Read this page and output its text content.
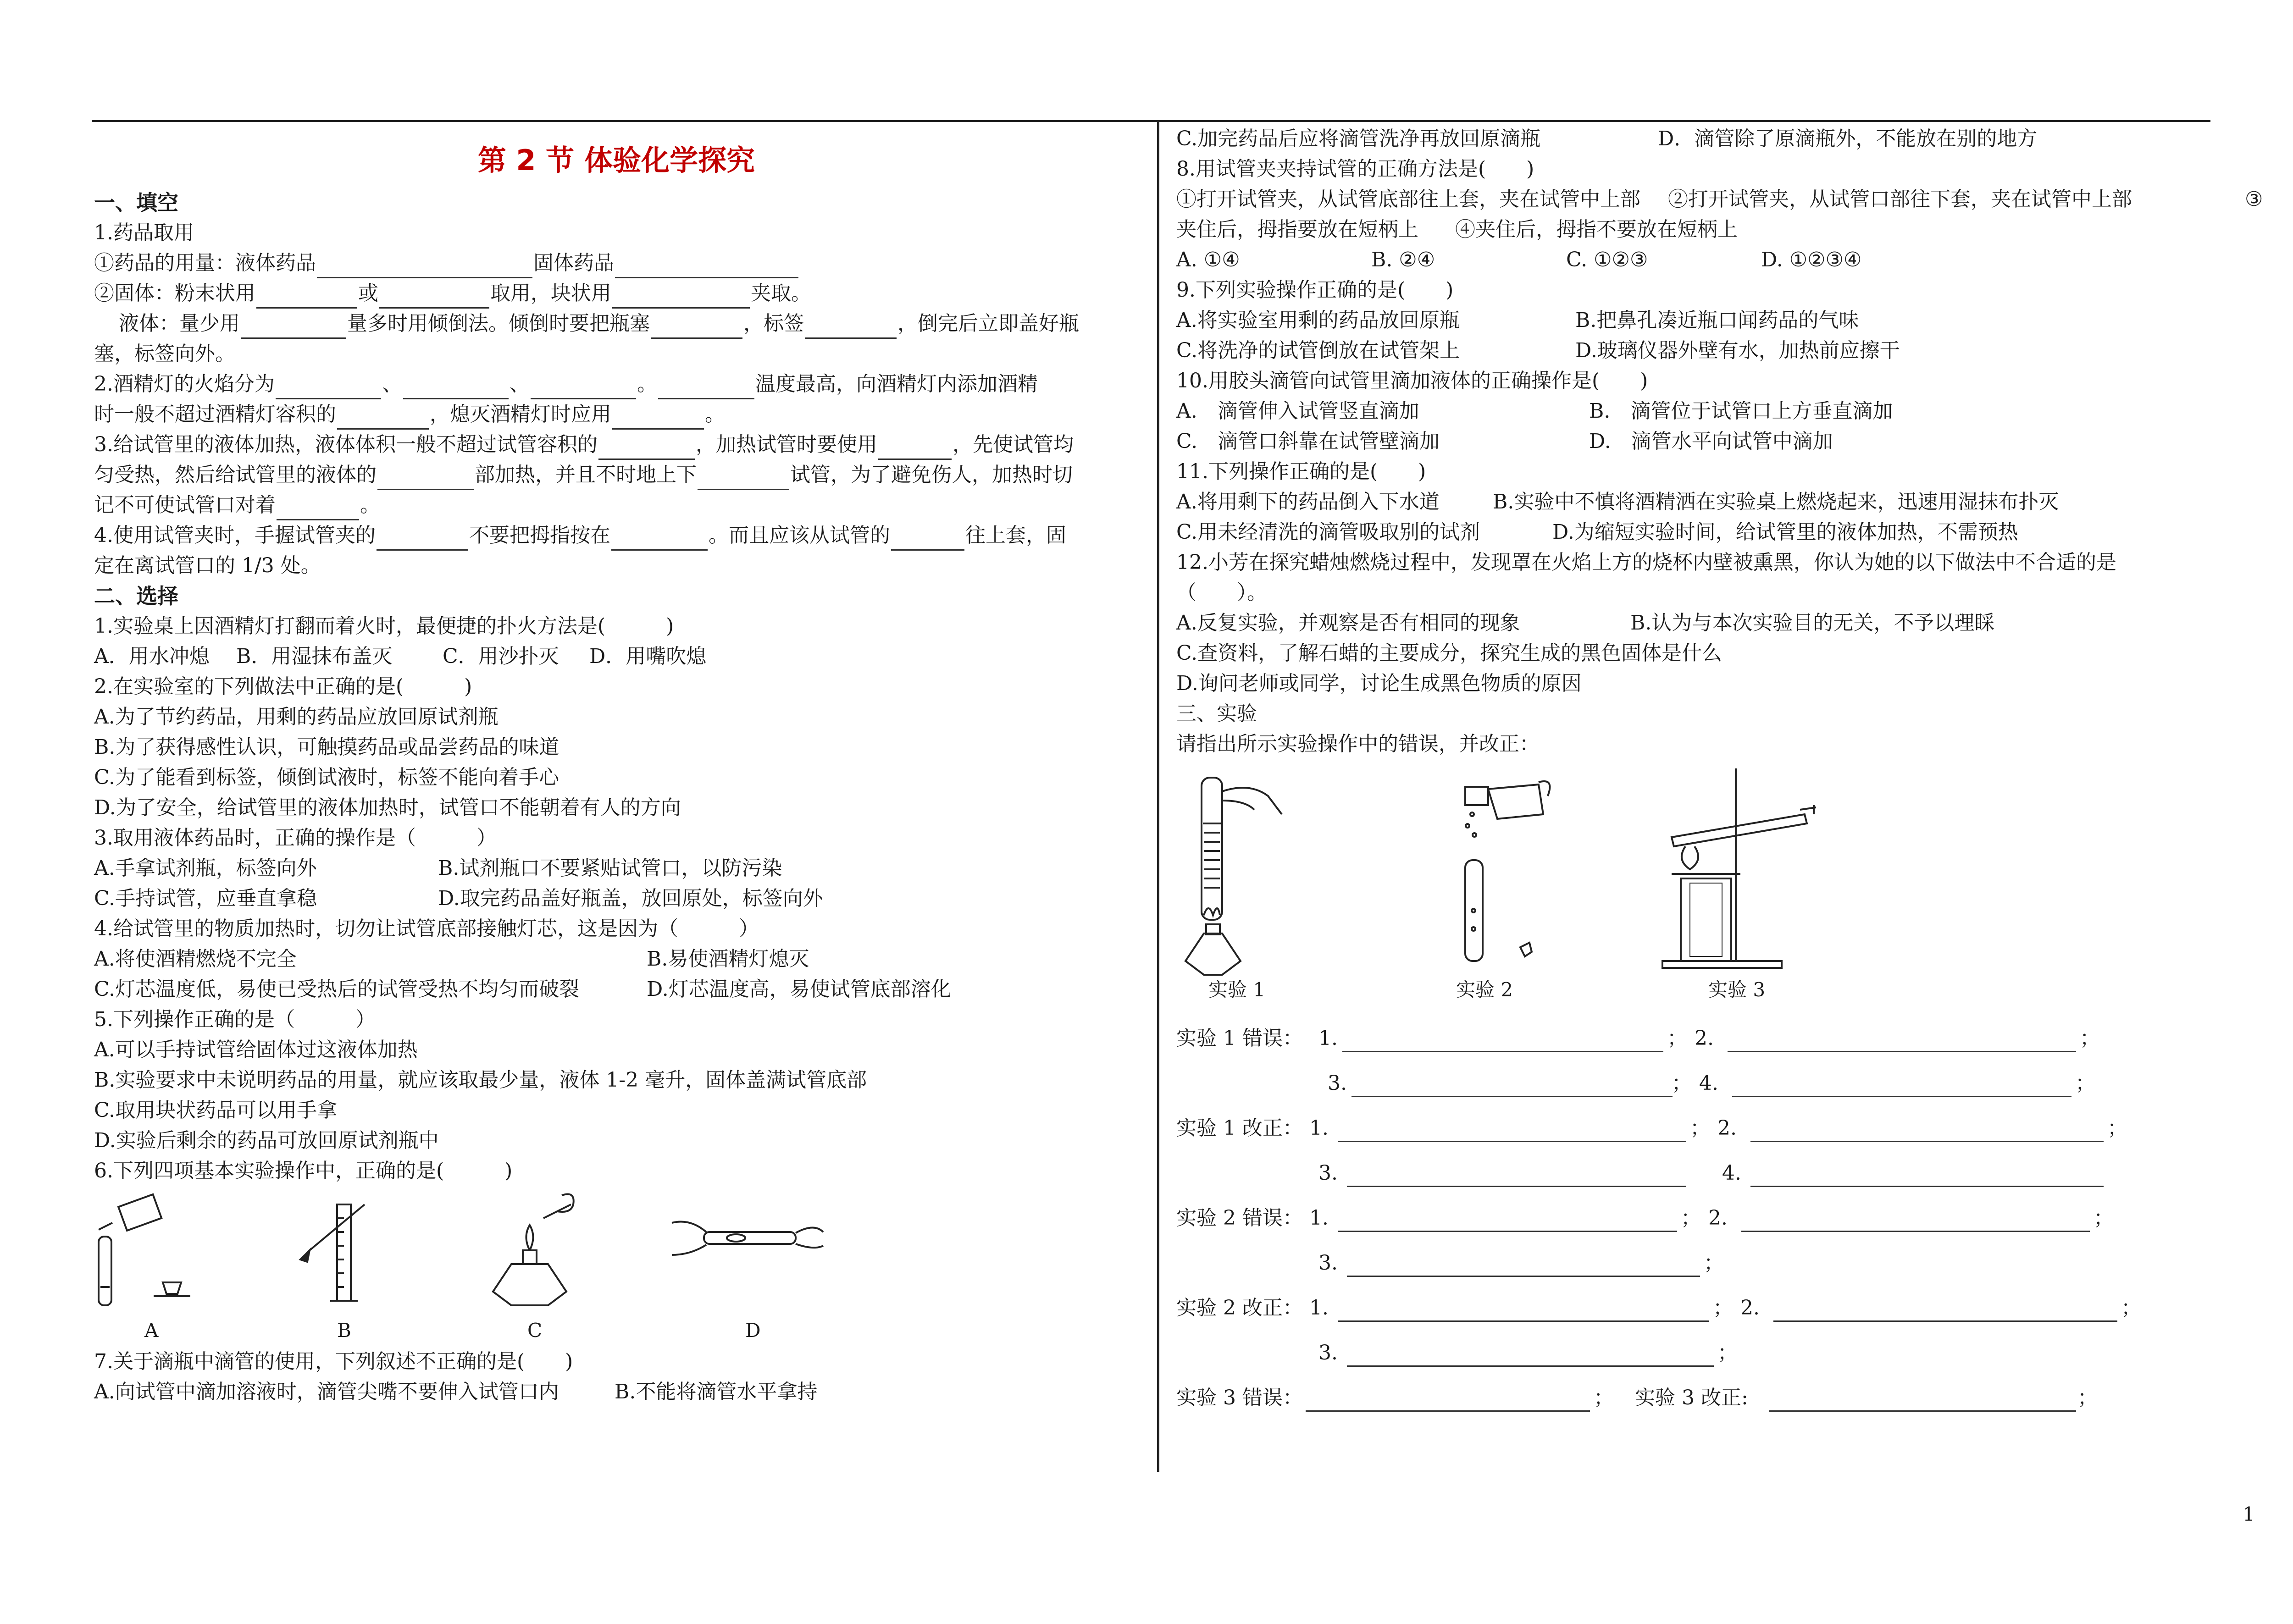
第 2 节 体验化学探究
一、填空
1.药品取用
①药品的用量：液体药品	固体药品
②固体：粉末状用	或	取用，块状用	夹取。
液体：量少用	量多时用倾倒法。倾倒时要把瓶塞	，标签	，倒完后立即盖好瓶
塞，标签向外。
2.酒精灯的火焰分为	、	、	。	温度最高，向酒精灯内添加酒精
时一般不超过酒精灯容积的	，熄灭酒精灯时应用	。
3.给试管里的液体加热，液体体积一般不超过试管容积的	，加热试管时要使用	，先使试管均
匀受热，然后给试管里的液体的	部加热，并且不时地上下	试管，为了避免伤人，加热时切
记不可使试管口对着	。
4.使用试管夹时，手握试管夹的	不要把拇指按在	。而且应该从试管的	往上套，固
定在离试管口的 1/3 处。
二、选择
1.实验桌上因酒精灯打翻而着火时，最便捷的扑火方法是(　　　)
A．用水冲熄 B．用湿抹布盖灭 C．用沙扑灭 D．用嘴吹熄
2.在实验室的下列做法中正确的是(　　　)
A.为了节约药品，用剩的药品应放回原试剂瓶
B.为了获得感性认识，可触摸药品或品尝药品的味道
C.为了能看到标签，倾倒试液时，标签不能向着手心
D.为了安全，给试管里的液体加热时，试管口不能朝着有人的方向
3.取用液体药品时，正确的操作是（　　　）
A.手拿试剂瓶，标签向外	B.试剂瓶口不要紧贴试管口，以防污染
C.手持试管，应垂直拿稳	D.取完药品盖好瓶盖，放回原处，标签向外
4.给试管里的物质加热时，切勿让试管底部接触灯芯，这是因为（　　　）
A.将使酒精燃烧不完全	B.易使酒精灯熄灭
C.灯芯温度低，易使已受热后的试管受热不均匀而破裂	D.灯芯温度高，易使试管底部溶化
5.下列操作正确的是（　　　）
A.可以手持试管给固体过这液体加热
B.实验要求中未说明药品的用量，就应该取最少量，液体 1-2 毫升，固体盖满试管底部
C.取用块状药品可以用手拿
D.实验后剩余的药品可放回原试剂瓶中
6.下列四项基本实验操作中，正确的是(　　　)
A	B	C	D
7.关于滴瓶中滴管的使用，下列叙述不正确的是(　　)
A.向试管中滴加溶液时，滴管尖嘴不要伸入试管口内	B.不能将滴管水平拿持
C.加完药品后应将滴管洗净再放回原滴瓶	D．滴管除了原滴瓶外，不能放在别的地方
8.用试管夹夹持试管的正确方法是(　　)
①打开试管夹，从试管底部往上套，夹在试管中上部 ②打开试管夹，从试管口部往下套，夹在试管中上部	③
夹住后，拇指要放在短柄上 ④夹住后，拇指不要放在短柄上
A. ①④	B. ②④	C. ①②③	D. ①②③④
9.下列实验操作正确的是(　　)
A.将实验室用剩的药品放回原瓶	B.把鼻孔凑近瓶口闻药品的气味
C.将洗净的试管倒放在试管架上	D.玻璃仪器外壁有水，加热前应擦干
10.用胶头滴管向试管里滴加液体的正确操作是(　　)
A.　滴管伸入试管竖直滴加	B.　滴管位于试管口上方垂直滴加
C.　滴管口斜靠在试管壁滴加	D.　滴管水平向试管中滴加
11.下列操作正确的是(　　)
A.将用剩下的药品倒入下水道	B.实验中不慎将酒精洒在实验桌上燃烧起来，迅速用湿抹布扑灭
C.用未经清洗的滴管吸取别的试剂	D.为缩短实验时间，给试管里的液体加热，不需预热
12.小芳在探究蜡烛燃烧过程中，发现罩在火焰上方的烧杯内壁被熏黑，你认为她的以下做法中不合适的是
（　　）。
A.反复实验，并观察是否有相同的现象	B.认为与本次实验目的无关，不予以理睬
C.查资料，了解石蜡的主要成分，探究生成的黑色固体是什么
D.询问老师或同学，讨论生成黑色物质的原因
三、实验
请指出所示实验操作中的错误，并改正：
实验 1	实验 2	实验 3
实验 1 错误： 1.	； 2.	；
3.	； 4.	；
实验 1 改正： 1.	； 2.	；
3.	4.
实验 2 错误： 1.	； 2.	；
3.	；
实验 2 改正： 1.	； 2.	；
3.	；
实验 3 错误：	； 实验 3 改正:	；
1
